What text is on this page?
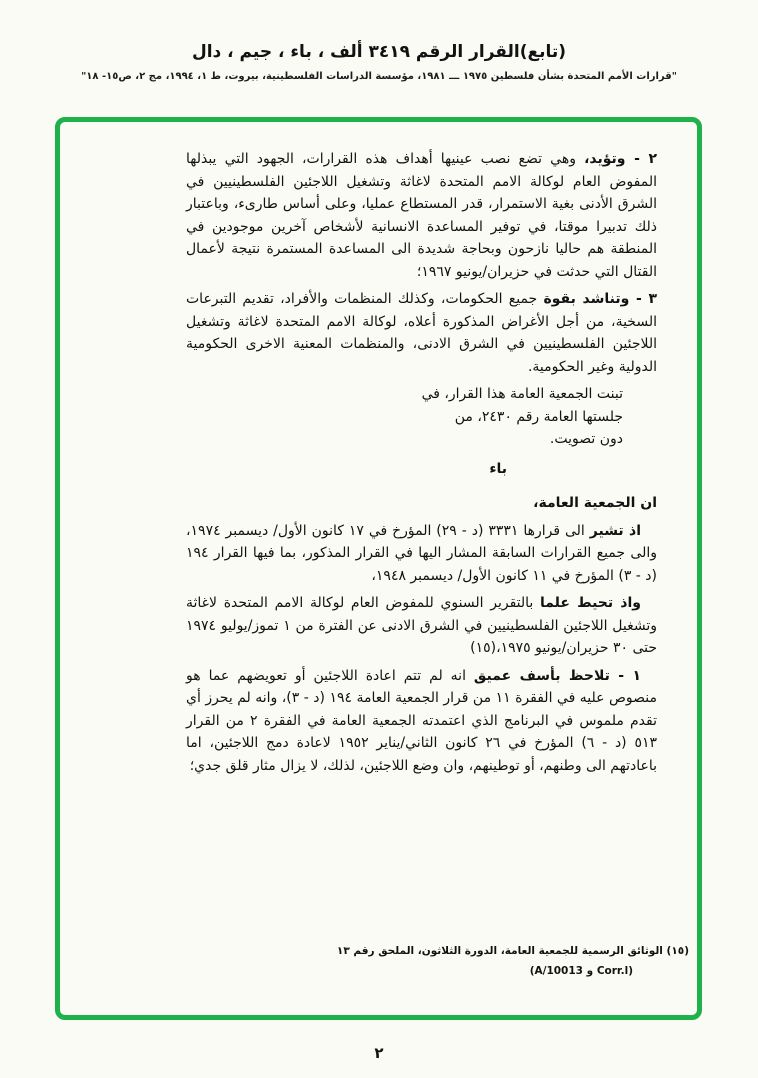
(تابع)القرار الرقم ٣٤١٩ ألف ، باء ، جيم ، دال
"قرارات الأمم المتحدة بشأن فلسطين ١٩٧٥ ـــ ١٩٨١، مؤسسة الدراسات الفلسطينية، بيروت، ط ١، ١٩٩٤، مج ٢، ص١٥- ١٨"

٢ - وتؤيد، وهي تضع نصب عينيها أهداف هذه القرارات، الجهود التي يبذلها المفوض العام لوكالة الامم المتحدة لاغاثة وتشغيل اللاجئين الفلسطينيين في الشرق الأدنى بغية الاستمرار، قدر المستطاع عمليا، وعلى أساس طارىء، وباعتبار ذلك تدبيرا موقتا، في توفير المساعدة الانسانية لأشخاص آخرين موجودين في المنطقة هم حاليا نازحون وبحاجة شديدة الى المساعدة المستمرة نتيجة لأعمال القتال التي حدثت في حزيران/يونيو ١٩٦٧؛

٣ - وتناشد بقوة جميع الحكومات، وكذلك المنظمات والأفراد، تقديم التبرعات السخية، من أجل الأغراض المذكورة أعلاه، لوكالة الامم المتحدة لاغاثة وتشغيل اللاجئين الفلسطينيين في الشرق الادنى، والمنظمات المعنية الاخرى الحكومية الدولية وغير الحكومية.

تبنت الجمعية العامة هذا القرار، في
جلستها العامة رقم ٢٤٣٠، من
دون تصويت.
باء

ان الجمعية العامة،

اذ تشير الى قرارها ٣٣٣١ (د - ٢٩) المؤرخ في ١٧ كانون الأول/ ديسمبر ١٩٧٤، والى جميع القرارات السابقة المشار اليها في القرار المذكور، بما فيها القرار ١٩٤ (د - ٣) المؤرخ في ١١ كانون الأول/ ديسمبر ١٩٤٨،

واذ تحيط علما بالتقرير السنوي للمفوض العام لوكالة الامم المتحدة لاغاثة وتشغيل اللاجئين الفلسطينيين في الشرق الادنى عن الفترة من ١ تموز/يوليو ١٩٧٤ حتى ٣٠ حزيران/يونيو ١٩٧٥،(١٥)

١ - تلاحظ بأسف عميق انه لم تتم اعادة اللاجئين أو تعويضهم عما هو منصوص عليه في الفقرة ١١ من قرار الجمعية العامة ١٩٤ (د - ٣)، وانه لم يحرز أي تقدم ملموس في البرنامج الذي اعتمدته الجمعية العامة في الفقرة ٢ من القرار ٥١٣ (د - ٦) المؤرخ في ٢٦ كانون الثاني/يناير ١٩٥٢ لاعادة دمج اللاجئين، اما باعادتهم الى وطنهم، أو توطينهم، وان وضع اللاجئين، لذلك، لا يزال مثار قلق جدي؛

(١٥) الوثائق الرسمية للجمعية العامة، الدورة الثلاثون، الملحق رقم ١٣
(A/10013 و Corr.l)
٢
